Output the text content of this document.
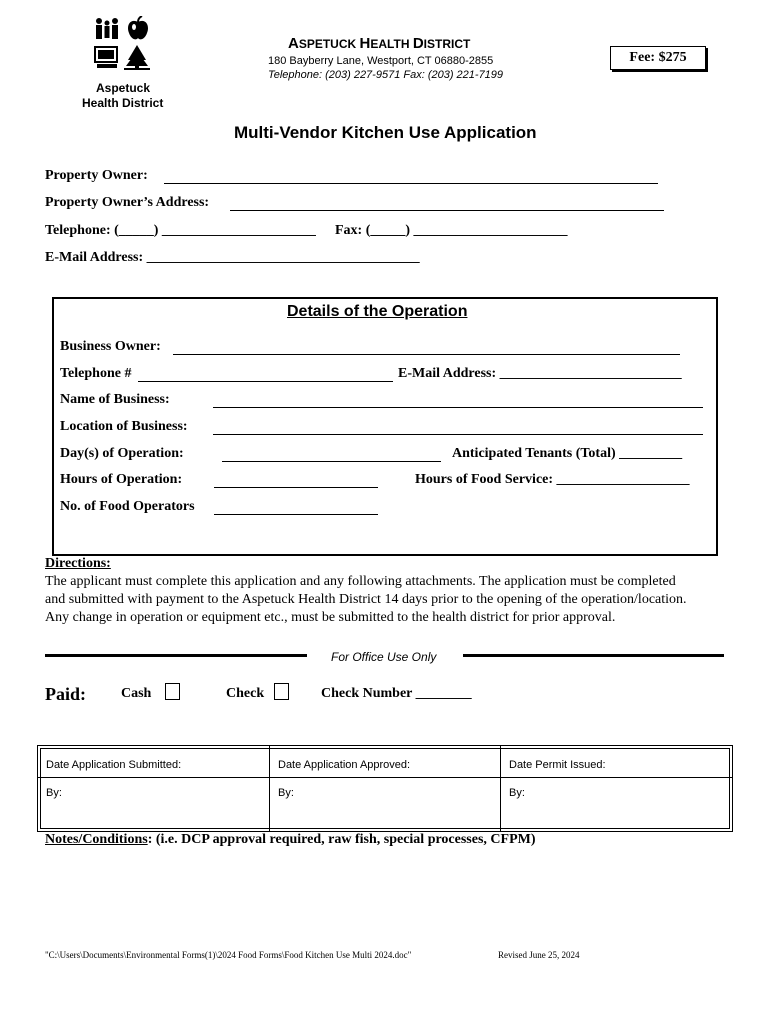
Aspetuck
Health District
ASPETUCK HEALTH DISTRICT
180 Bayberry Lane, Westport, CT 06880-2855
Telephone: (203) 227-9571 Fax: (203) 221-7199
Fee: $275
Multi-Vendor Kitchen Use Application
Property Owner:
Property Owner’s Address:
Telephone: (_____) ______________________ Fax: (_____) ______________________
E-Mail Address: _______________________________________
Details of the Operation
Business Owner:
Telephone #	E-Mail Address: __________________________
Name of Business:
Location of Business:
Day(s) of Operation:	Anticipated Tenants (Total) _________
Hours of Operation:	Hours of Food Service: ___________________
No. of Food Operators
Directions:
The applicant must complete this application and any following attachments. The application must be completed
and submitted with payment to the Aspetuck Health District 14 days prior to the opening of the operation/location.
Any change in operation or equipment etc., must be submitted to the health district for prior approval.
For Office Use Only
Paid: Cash	Check	Check Number ________
Date Application Submitted:	Date Application Approved:	Date Permit Issued:
By:	By:	By:
Notes/Conditions: (i.e. DCP approval required, raw fish, special processes, CFPM)
"C:\Users\Documents\Environmental Forms(1)\2024 Food Forms\Food Kitchen Use Multi 2024.doc"	Revised June 25, 2024
